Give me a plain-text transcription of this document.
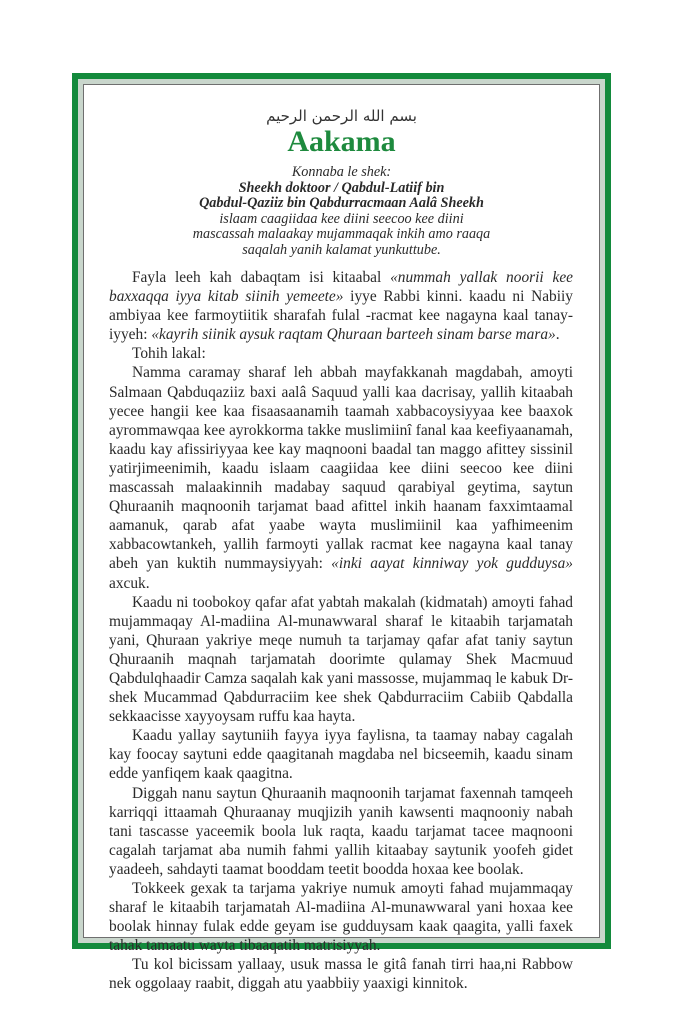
بسم الله الرحمن الرحيم
Aakama
Konnaba le shek:
Sheekh doktoor / Qabdul-Latiif bin
Qabdul-Qaziiz bin Qabdurracmaan Aalâ Sheekh
islaam caagiidaa kee diini seecoo kee diini
mascassah malaakay mujammaqak inkih amo raaqa
saqalah yanih kalamat yunkuttube.

Fayla leeh kah dabaqtam isi kitaabal «nummah yallak noorii kee baxxaqqa iyya kitab siinih yemeete» iyye Rabbi kinni. kaadu ni Nabiiy ambiyaa kee farmoytiitik sharafah fulal -racmat kee nagayna kaal tanay-iyyeh: «kayrih siinik aysuk raqtam Qhuraan barteeh sinam barse mara».

Tohih lakal:

Namma caramay sharaf leh abbah mayfakkanah magdabah, amoyti Salmaan Qabduqaziiz baxi aalâ Saquud yalli kaa dacrisay, yallih kitaabah yecee hangii kee kaa fisaasaanamih taamah xabbacoysiyyaa kee baaxok ayrommawqaa kee ayrokkorma takke muslimiinî fanal kaa keefiyaanamah, kaadu kay afissiriyyaa kee kay maqnooni baadal tan maggo afittey sissinil yatirjimeenimih, kaadu islaam caagiidaa kee diini seecoo kee diini mascassah malaakinnih madabay saquud qarabiyal geytima, saytun Qhuraanih maqnoonih tarjamat baad afittel inkih haanam faxximtaamal aamanuk, qarab afat yaabe wayta muslimiinil kaa yafhimeenim xabbacowtankeh, yallih farmoyti yallak racmat kee nagayna kaal tanay abeh yan kuktih nummaysiyyah: «inki aayat kinniway yok gudduysa» axcuk.

Kaadu ni toobokoy qafar afat yabtah makalah (kidmatah) amoyti fahad mujammaqay Al-madiina Al-munawwaral sharaf le kitaabih tarjamatah yani, Qhuraan yakriye meqe numuh ta tarjamay qafar afat taniy saytun Qhuraanih maqnah tarjamatah doorimte qulamay Shek Macmuud Qabdulqhaadir Camza saqalah kak yani massosse, mujammaq le kabuk Dr-shek Mucammad Qabdurraciim kee shek Qabdurraciim Cabiib Qabdalla sekkaacisse xayyoysam ruffu kaa hayta.

Kaadu yallay saytuniih fayya iyya faylisna, ta taamay nabay cagalah kay foocay saytuni edde qaagitanah magdaba nel bicseemih, kaadu sinam edde yanfiqem kaak qaagitna.

Diggah nanu saytun Qhuraanih maqnoonih tarjamat faxennah tamqeeh karriqqi ittaamah Qhuraanay muqjizih yanih kawsenti maqnooniy nabah tani tascasse yaceemik boola luk raqta, kaadu tarjamat tacee maqnooni cagalah tarjamat aba numih fahmi yallih kitaabay saytunik yoofeh gidet yaadeeh, sahdayti taamat booddam teetit boodda hoxaa kee boolak.

Tokkeek gexak ta tarjama yakriye numuk amoyti fahad mujammaqay sharaf le kitaabih tarjamatah Al-madiina Al-munawwaral yani hoxaa kee boolak hinnay fulak edde geyam ise gudduysam kaak qaagita, yalli faxek tahak tamaatu wayta tibaaqatih matrisiyyah.

Tu kol bicissam yallaay, usuk massa le gitâ fanah tirri haa,ni Rabbow nek oggolaay raabit, diggah atu yaabbiiy yaaxigi kinnitok.
